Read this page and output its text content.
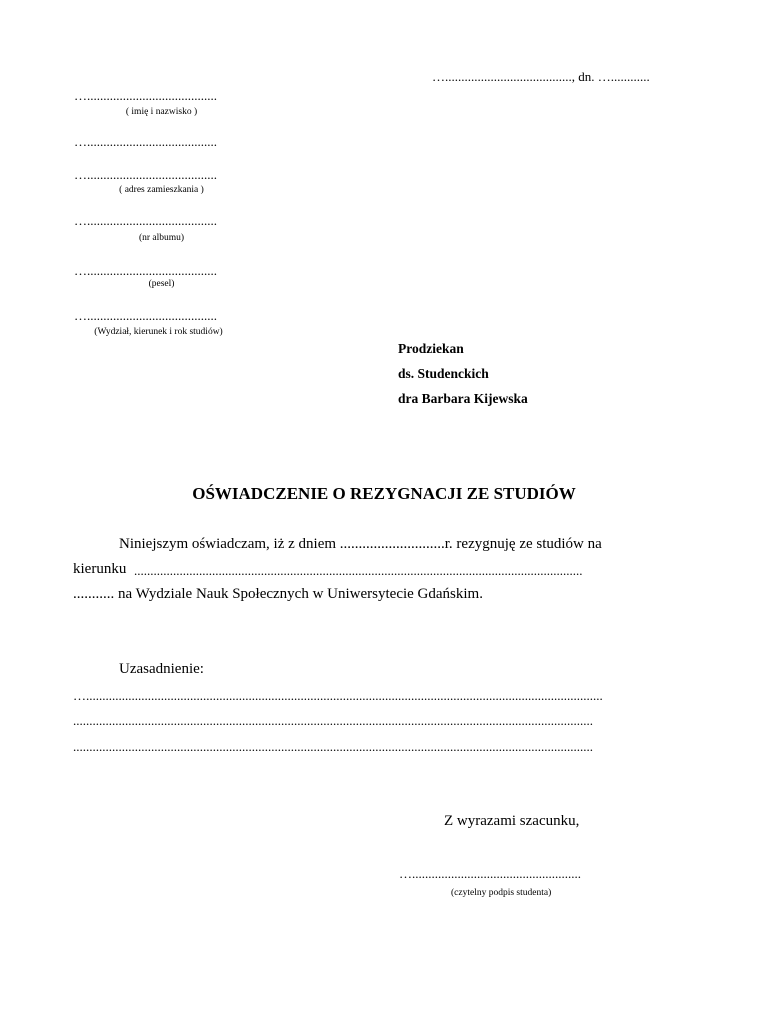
…......................................., dn. …............
…........................................
( imię i nazwisko )
…........................................
…........................................
( adres zamieszkania )
…........................................
(nr albumu)
…........................................
(pesel)
…........................................
(Wydział, kierunek i rok studiów)
Prodziekan
ds. Studenckich
dra Barbara Kijewska
OŚWIADCZENIE O REZYGNACJI ZE STUDIÓW
Niniejszym oświadczam, iż z dniem ............................r. rezygnuję ze studiów na
kierunku ..........................................................................................................................................
........... na Wydziale Nauk Społecznych w Uniwersytecie Gdańskim.
Uzasadnienie:
…...............................................................................................................................................................
................................................................................................................................................................
................................................................................................................................................................
Z wyrazami szacunku,
…....................................................
(czytelny podpis studenta)
